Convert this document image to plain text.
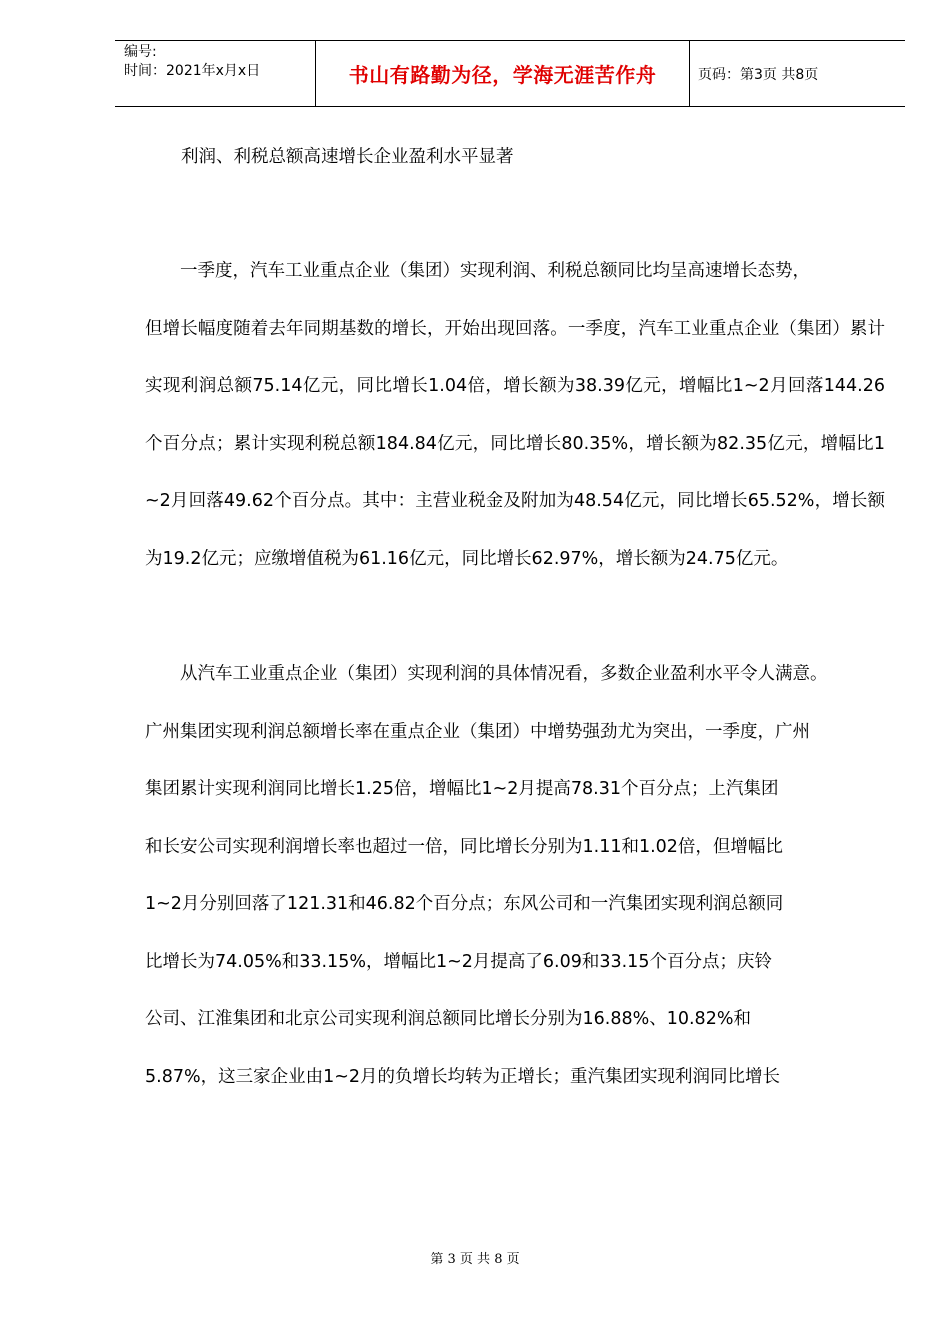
编号:
时间：2021年x月x日	书山有路勤为径，学海无涯苦作舟	页码：第3页 共8页

利润、利税总额高速增长企业盈利水平显著

一季度，汽车工业重点企业（集团）实现利润、利税总额同比均呈高速增长态势，
但增长幅度随着去年同期基数的增长，开始出现回落。一季度，汽车工业重点企业（集团）累计实现利润总额75.14亿元，同比增长1.04倍，增长额为38.39亿元，增幅比1~2月回落144.26个百分点；累计实现利税总额184.84亿元，同比增长80.35%，增长额为82.35亿元，增幅比1~2月回落49.62个百分点。其中：主营业税金及附加为48.54亿元，同比增长65.52%，增长额为19.2亿元；应缴增值税为61.16亿元，同比增长62.97%，增长额为24.75亿元。

从汽车工业重点企业（集团）实现利润的具体情况看，多数企业盈利水平令人满意。
广州集团实现利润总额增长率在重点企业（集团）中增势强劲尤为突出，一季度，广州
集团累计实现利润同比增长1.25倍，增幅比1~2月提高78.31个百分点；上汽集团
和长安公司实现利润增长率也超过一倍，同比增长分别为1.11和1.02倍，但增幅比
1~2月分别回落了121.31和46.82个百分点；东风公司和一汽集团实现利润总额同
比增长为74.05%和33.15%，增幅比1~2月提高了6.09和33.15个百分点；庆铃
公司、江淮集团和北京公司实现利润总额同比增长分别为16.88%、10.82%和
5.87%，这三家企业由1~2月的负增长均转为正增长；重汽集团实现利润同比增长

第 3 页 共 8 页
